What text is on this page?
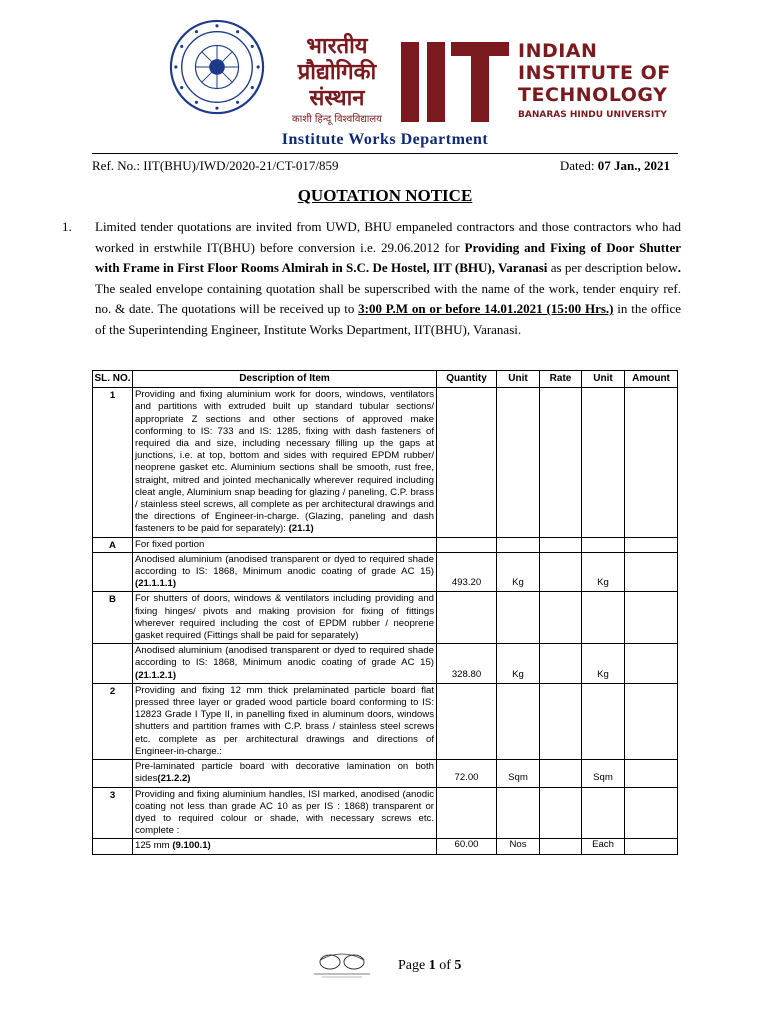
भारतीय
प्रौद्योगिकी
संस्थान
काशी हिन्दू विश्वविद्यालय
INDIAN
INSTITUTE OF
TECHNOLOGY
BANARAS HINDU UNIVERSITY
Institute Works Department
Ref. No.: IIT(BHU)/IWD/2020-21/CT-017/859	Dated: 07 Jan., 2021
QUOTATION NOTICE
1. Limited tender quotations are invited from UWD, BHU empaneled contractors and those contractors who had worked in erstwhile IT(BHU) before conversion i.e. 29.06.2012 for Providing and Fixing of Door Shutter with Frame in First Floor Rooms Almirah in S.C. De Hostel, IIT (BHU), Varanasi as per description below. The sealed envelope containing quotation shall be superscribed with the name of the work, tender enquiry ref. no. & date. The quotations will be received up to 3:00 P.M on or before 14.01.2021 (15:00 Hrs.) in the office of the Superintending Engineer, Institute Works Department, IIT(BHU), Varanasi.

SL. NO.	Description of Item	Quantity	Unit	Rate	Unit	Amount
1	Providing and fixing aluminium work for doors, windows, ventilators and partitions with extruded built up standard tubular sections/ appropriate Z sections and other sections of approved make conforming to IS: 733 and IS: 1285, fixing with dash fasteners of required dia and size, including necessary filling up the gaps at junctions, i.e. at top, bottom and sides with required EPDM rubber/ neoprene gasket etc. Aluminium sections shall be smooth, rust free, straight, mitred and jointed mechanically wherever required including cleat angle, Aluminium snap beading for glazing / paneling, C.P. brass / stainless steel screws, all complete as per architectural drawings and the directions of Engineer-in-charge. (Glazing, paneling and dash fasteners to be paid for separately): (21.1)					
A	For fixed portion					
	Anodised aluminium (anodised transparent or dyed to required shade according to IS: 1868, Minimum anodic coating of grade AC 15) (21.1.1.1)	493.20	Kg		Kg	
B	For shutters of doors, windows & ventilators including providing and fixing hinges/ pivots and making provision for fixing of fittings wherever required including the cost of EPDM rubber / neoprene gasket required (Fittings shall be paid for separately)					
	Anodised aluminium (anodised transparent or dyed to required shade according to IS: 1868, Minimum anodic coating of grade AC 15) (21.1.2.1)	328.80	Kg		Kg	
2	Providing and fixing 12 mm thick prelaminated particle board flat pressed three layer or graded wood particle board conforming to IS: 12823 Grade I Type II, in panelling fixed in aluminum doors, windows shutters and partition frames with C.P. brass / stainless steel screws etc. complete as per architectural drawings and directions of Engineer-in-charge.:					
	Pre-laminated particle board with decorative lamination on both sides(21.2.2)	72.00	Sqm		Sqm	
3	Providing and fixing aluminium handles, ISI marked, anodised (anodic coating not less than grade AC 10 as per IS : 1868) transparent or dyed to required colour or shade, with necessary screws etc. complete :					
	125 mm (9.100.1)	60.00	Nos		Each	
Page 1 of 5
